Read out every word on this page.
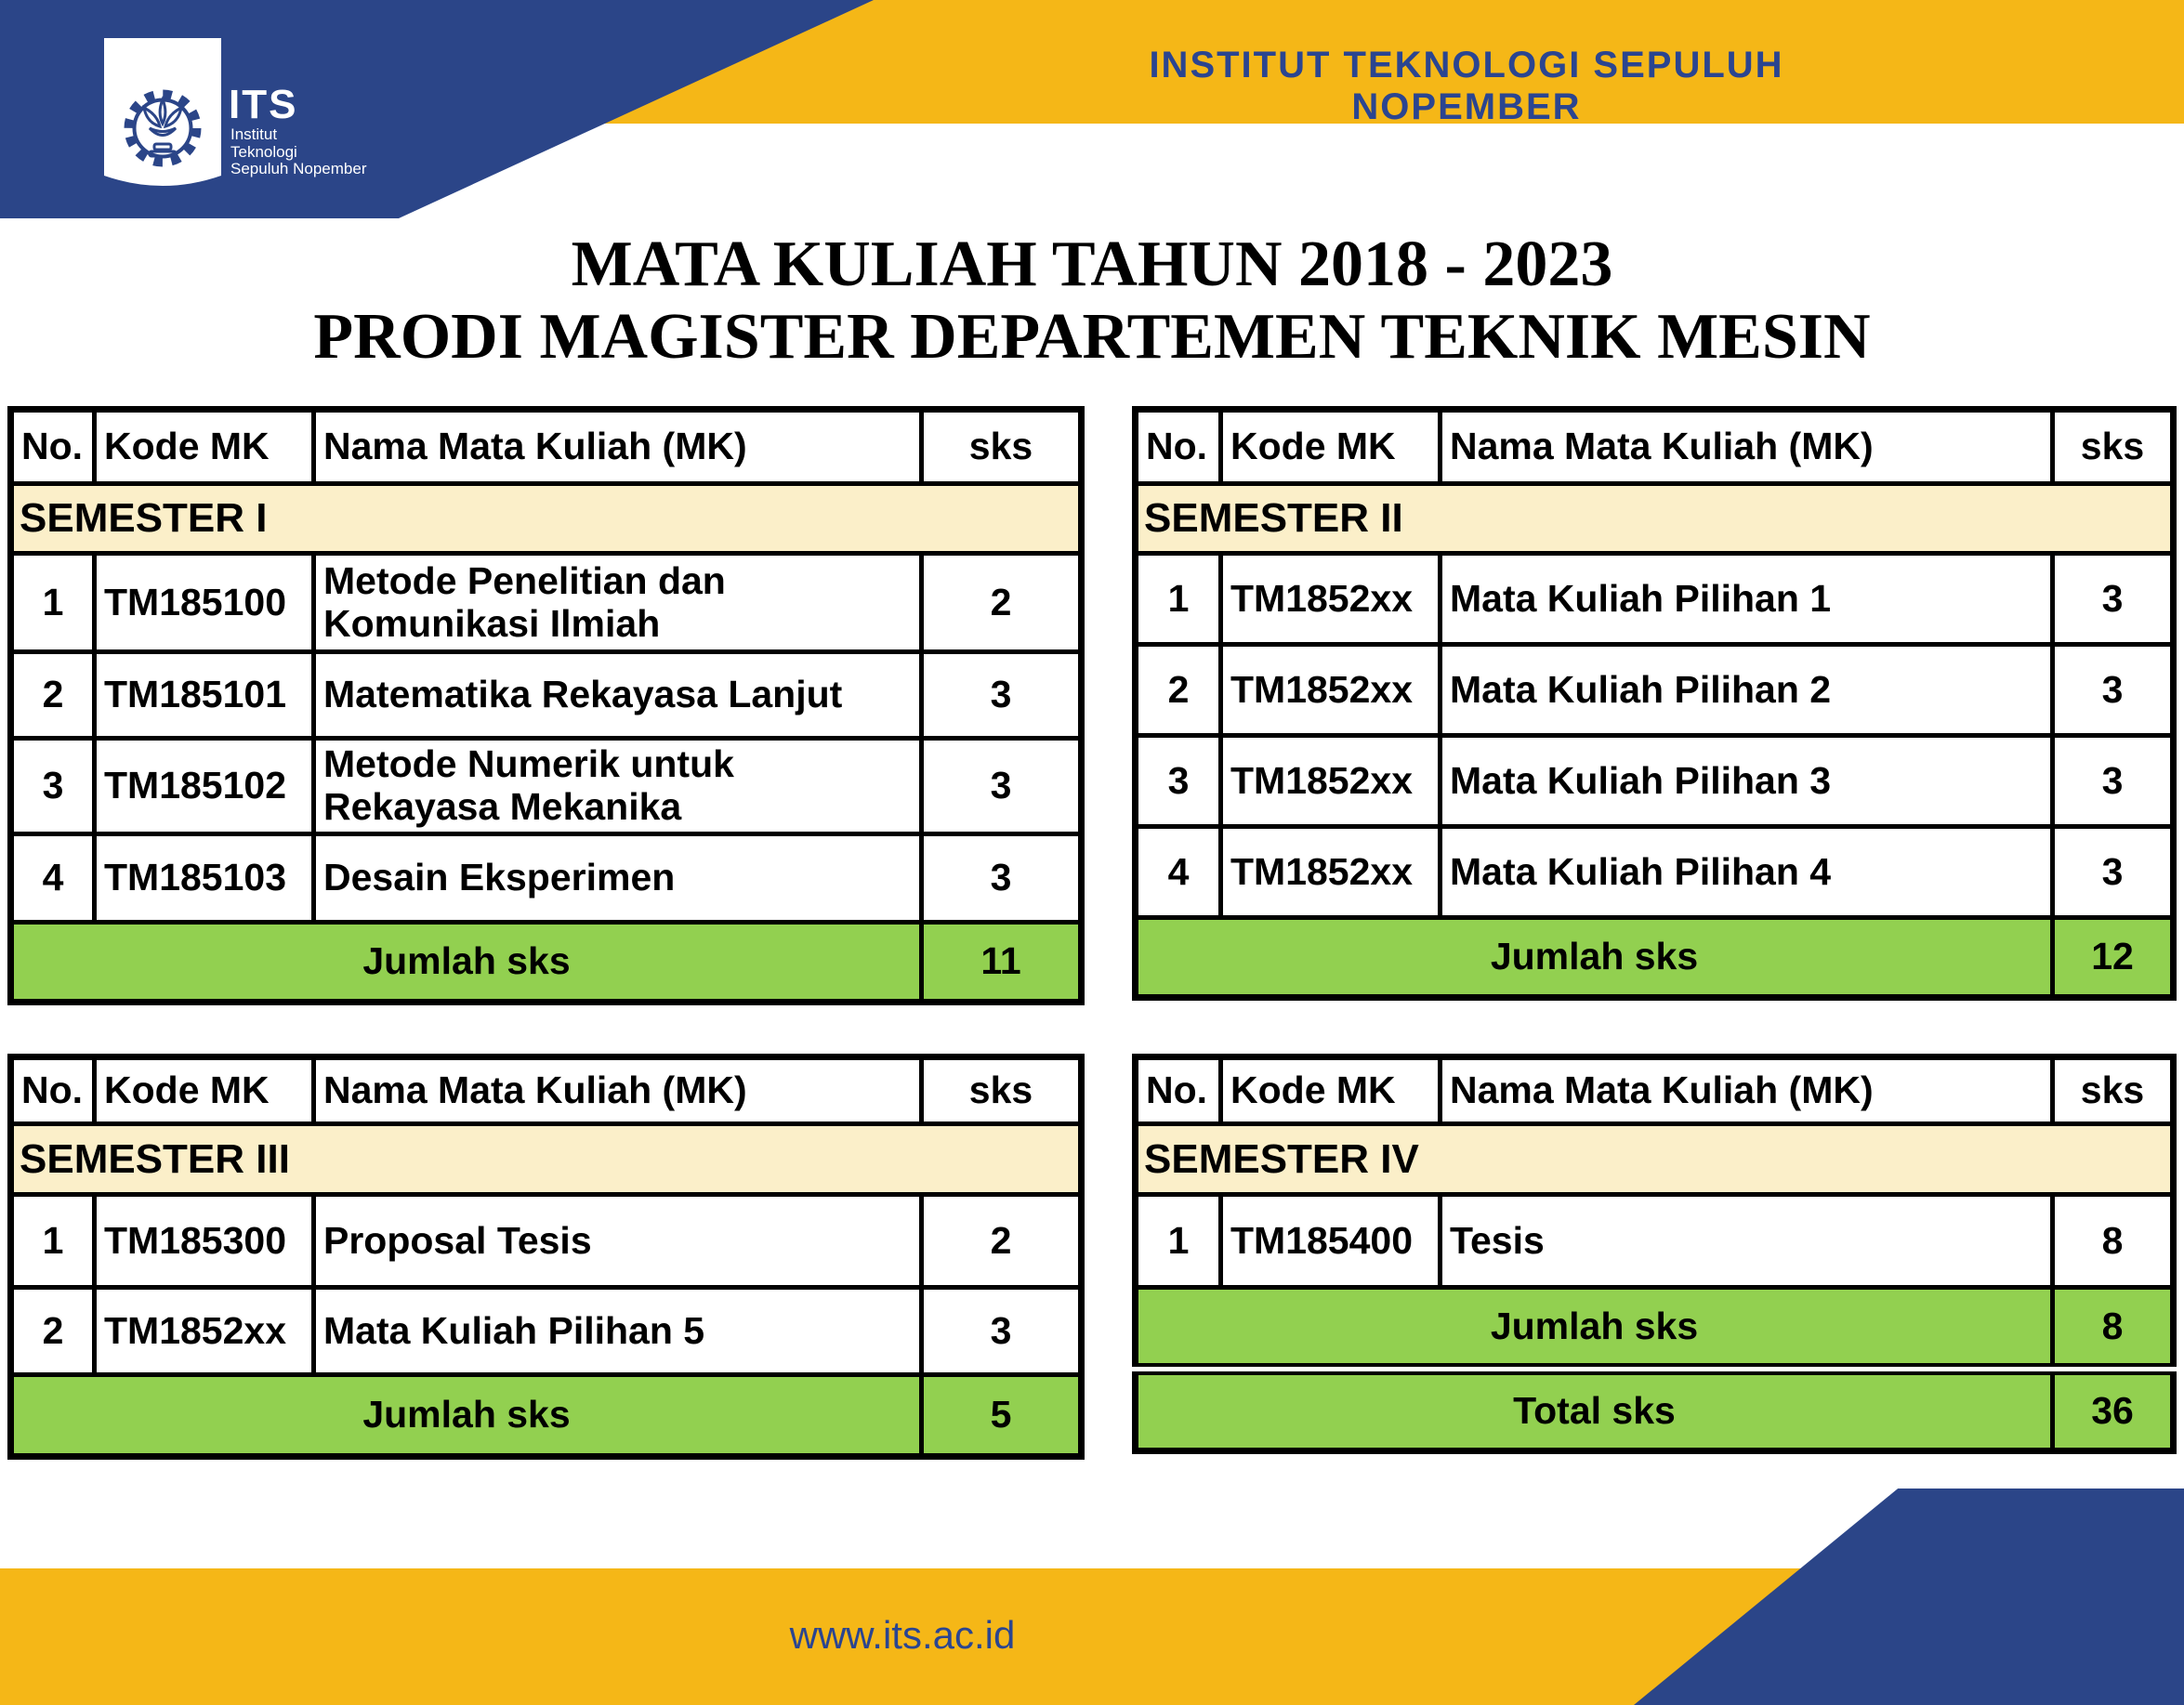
ITS
Institut
Teknologi
Sepuluh Nopember
INSTITUT TEKNOLOGI SEPULUH NOPEMBER
MATA KULIAH TAHUN 2018 - 2023
PRODI MAGISTER DEPARTEMEN TEKNIK MESIN
No.	Kode MK	Nama Mata Kuliah (MK)	sks
SEMESTER I			
1	TM185100	Metode Penelitian dan Komunikasi Ilmiah	2
2	TM185101	Matematika Rekayasa Lanjut	3
3	TM185102	Metode Numerik untuk Rekayasa Mekanika	3
4	TM185103	Desain Eksperimen	3
Jumlah sks			11
No.	Kode MK	Nama Mata Kuliah (MK)	sks
SEMESTER II			
1	TM1852xx	Mata Kuliah Pilihan 1	3
2	TM1852xx	Mata Kuliah Pilihan 2	3
3	TM1852xx	Mata Kuliah Pilihan 3	3
4	TM1852xx	Mata Kuliah Pilihan 4	3
Jumlah sks			12
No.	Kode MK	Nama Mata Kuliah (MK)	sks
SEMESTER III			
1	TM185300	Proposal Tesis	2
2	TM1852xx	Mata Kuliah Pilihan 5	3
Jumlah sks			5
No.	Kode MK	Nama Mata Kuliah (MK)	sks
SEMESTER IV			
1	TM185400	Tesis	8
Jumlah sks			8
Total sks			36
www.its.ac.id
